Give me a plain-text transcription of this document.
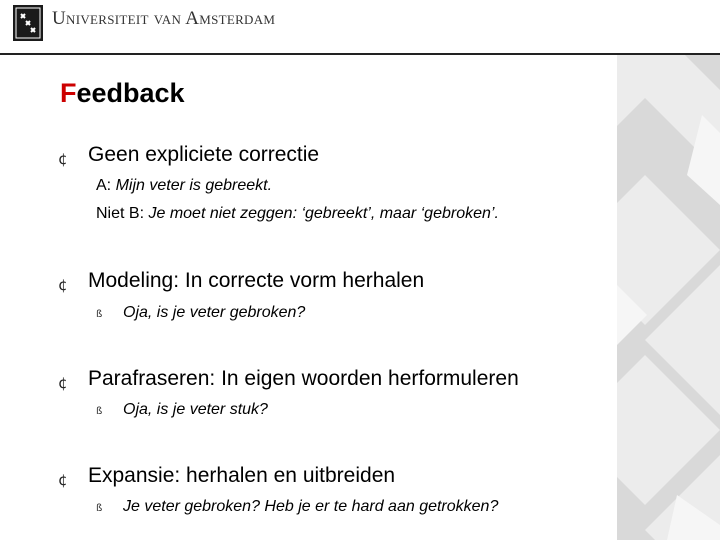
Universiteit van Amsterdam
Feedback
¢ Geen expliciete correctie
A: Mijn veter is gebreekt.
Niet B: Je moet niet zeggen: ‘gebreekt’, maar ‘gebroken’.
¢ Modeling: In correcte vorm herhalen
ß Oja, is je veter gebroken?
¢ Parafraseren: In eigen woorden herformuleren
ß Oja, is je veter stuk?
¢ Expansie: herhalen en uitbreiden
ß Je veter gebroken? Heb je er te hard aan getrokken?
